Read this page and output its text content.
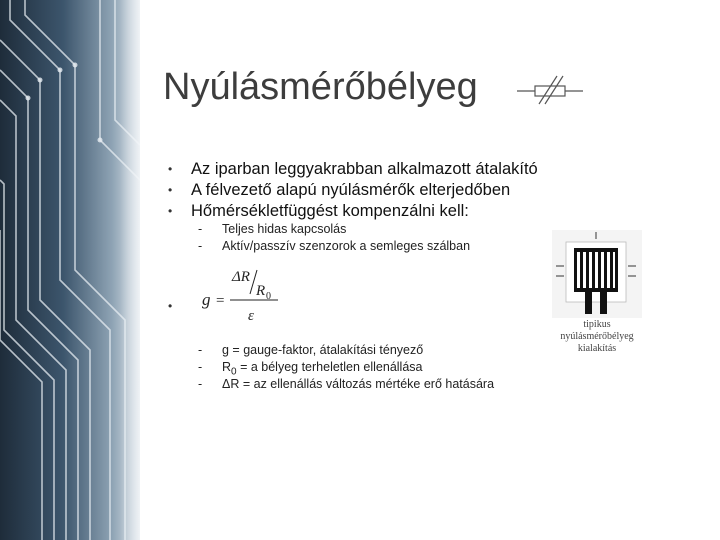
Nyúlásmérőbélyeg
• Az iparban leggyakrabban alkalmazott átalakító
• A félvezető alapú nyúlásmérők elterjedőben
• Hőmérsékletfüggést kompenzálni kell:
- Teljes hidas kapcsolás
- Aktív/passzív szenzorok a semleges szálban
g =
ΔR
R 0
ε
•
- g = gauge-faktor, átalakítási tényező
- $R_0 = a$ bélyeg terheletlen ellenállása
- ΔR = az ellenállás változás mértéke erő hatására
tipikus
nyúlásmérőbélyeg
kialakítás
